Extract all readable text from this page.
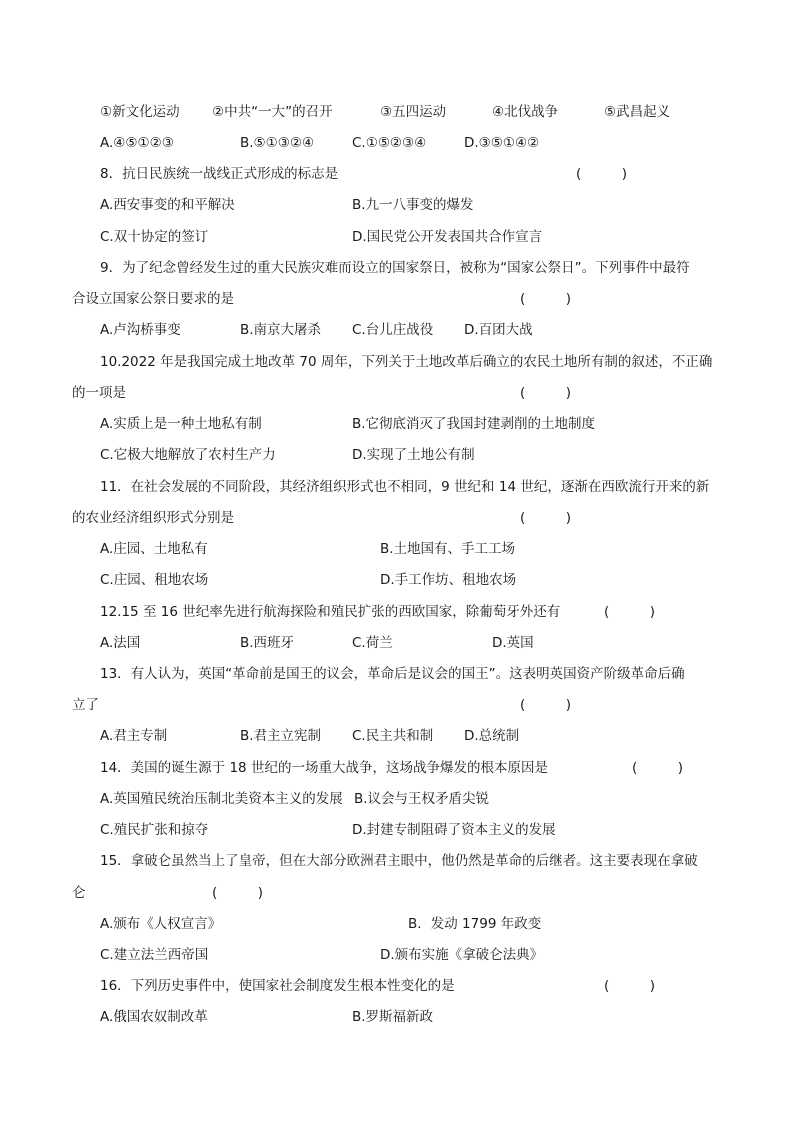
①新文化运动 ②中共“一大”的召开	③五四运动	④北伐战争	⑤武昌起义
A.④⑤①②③	B.⑤①③②④	C.①⑤②③④	D.③⑤①④②
8．抗日民族统一战线正式形成的标志是	(　　　)
A.西安事变的和平解决	B.九一八事变的爆发
C.双十协定的签订	D.国民党公开发表国共合作宣言
9．为了纪念曾经发生过的重大民族灾难而设立的国家祭日，被称为“国家公祭日”。下列事件中最符
合设立国家公祭日要求的是	(　　　)
A.卢沟桥事变	B.南京大屠杀 C.台儿庄战役 D.百团大战
10.2022 年是我国完成土地改革 70 周年，下列关于土地改革后确立的农民土地所有制的叙述，不正确
的一项是	(　　　)
A.实质上是一种土地私有制	B.它彻底消灭了我国封建剥削的土地制度
C.它极大地解放了农村生产力	D.实现了土地公有制
11．在社会发展的不同阶段，其经济组织形式也不相同，9 世纪和 14 世纪，逐渐在西欧流行开来的新
的农业经济组织形式分别是	(　　　)
A.庄园、土地私有	B.土地国有、手工工场
C.庄园、租地农场	D.手工作坊、租地农场
12.15 至 16 世纪率先进行航海探险和殖民扩张的西欧国家，除葡萄牙外还有	(　　　)
A.法国	B.西班牙	C.荷兰	D.英国
13．有人认为，英国“革命前是国王的议会，革命后是议会的国王”。这表明英国资产阶级革命后确
立了	(　　　)
A.君主专制	B.君主立宪制 C.民主共和制 D.总统制
14．美国的诞生源于 18 世纪的一场重大战争，这场战争爆发的根本原因是	(　　　)
A.英国殖民统治压制北美资本主义的发展 B.议会与王权矛盾尖锐
C.殖民扩张和掠夺	D.封建专制阻碍了资本主义的发展
15．拿破仑虽然当上了皇帝，但在大部分欧洲君主眼中，他仍然是革命的后继者。这主要表现在拿破
仑	(　　　)
A.颁布《人权宣言》	B．发动 1799 年政变
C.建立法兰西帝国	D.颁布实施《拿破仑法典》
16．下列历史事件中，使国家社会制度发生根本性变化的是	(　　　)
A.俄国农奴制改革	B.罗斯福新政
